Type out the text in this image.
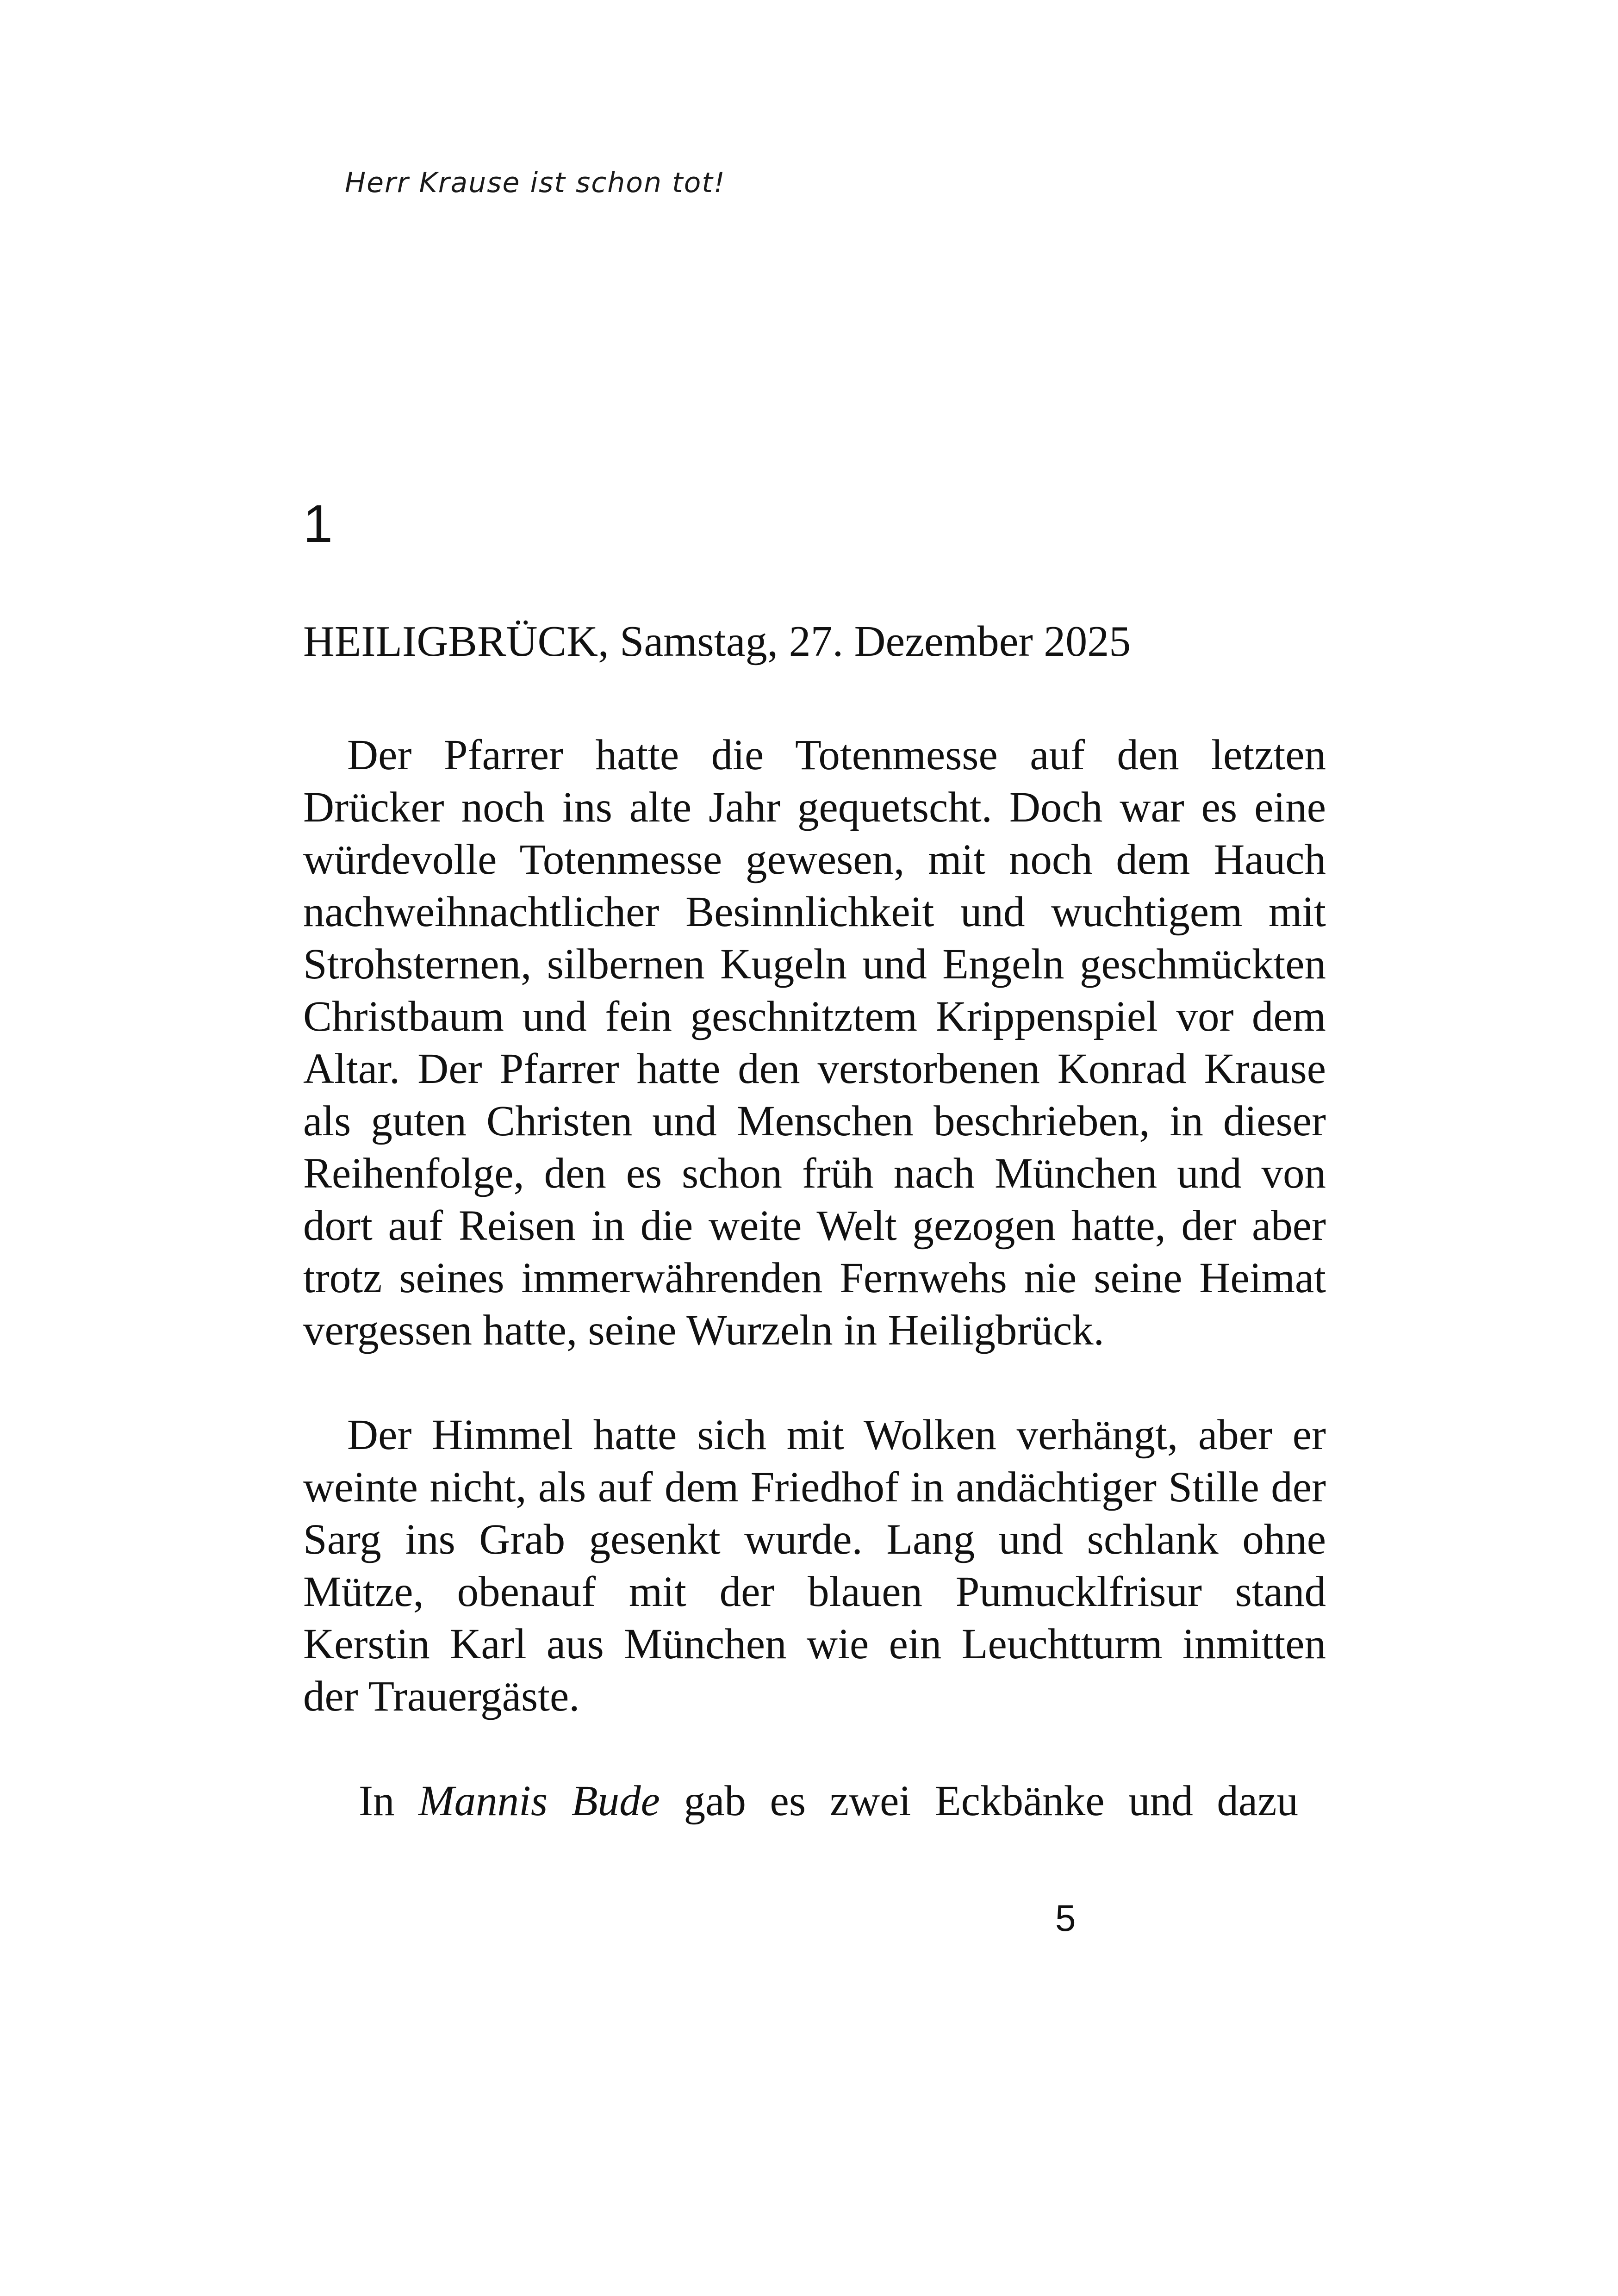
Herr Krause ist schon tot!
1
HEILIGBRÜCK, Samstag, 27. Dezember 2025

Der Pfarrer hatte die Totenmesse auf den letzten Drücker noch ins alte Jahr gequetscht. Doch war es eine würdevolle Totenmesse gewesen, mit noch dem Hauch nachweihnachtlicher Besinnlichkeit und wuchtigem mit Strohsternen, silbernen Kugeln und Engeln geschmückten Christbaum und fein geschnitztem Krippenspiel vor dem Altar. Der Pfarrer hatte den verstorbenen Konrad Krause als guten Christen und Menschen beschrieben, in dieser Reihenfolge, den es schon früh nach München und von dort auf Reisen in die weite Welt gezogen hatte, der aber trotz seines immerwährenden Fernwehs nie seine Heimat vergessen hatte, seine Wurzeln in Heiligbrück.

Der Himmel hatte sich mit Wolken verhängt, aber er weinte nicht, als auf dem Friedhof in andächtiger Stille der Sarg ins Grab gesenkt wurde. Lang und schlank ohne Mütze, obenauf mit der blauen Pumucklfrisur stand Kerstin Karl aus München wie ein Leuchtturm inmitten der Trauergäste.

In Mannis Bude gab es zwei Eckbänke und dazu

5
